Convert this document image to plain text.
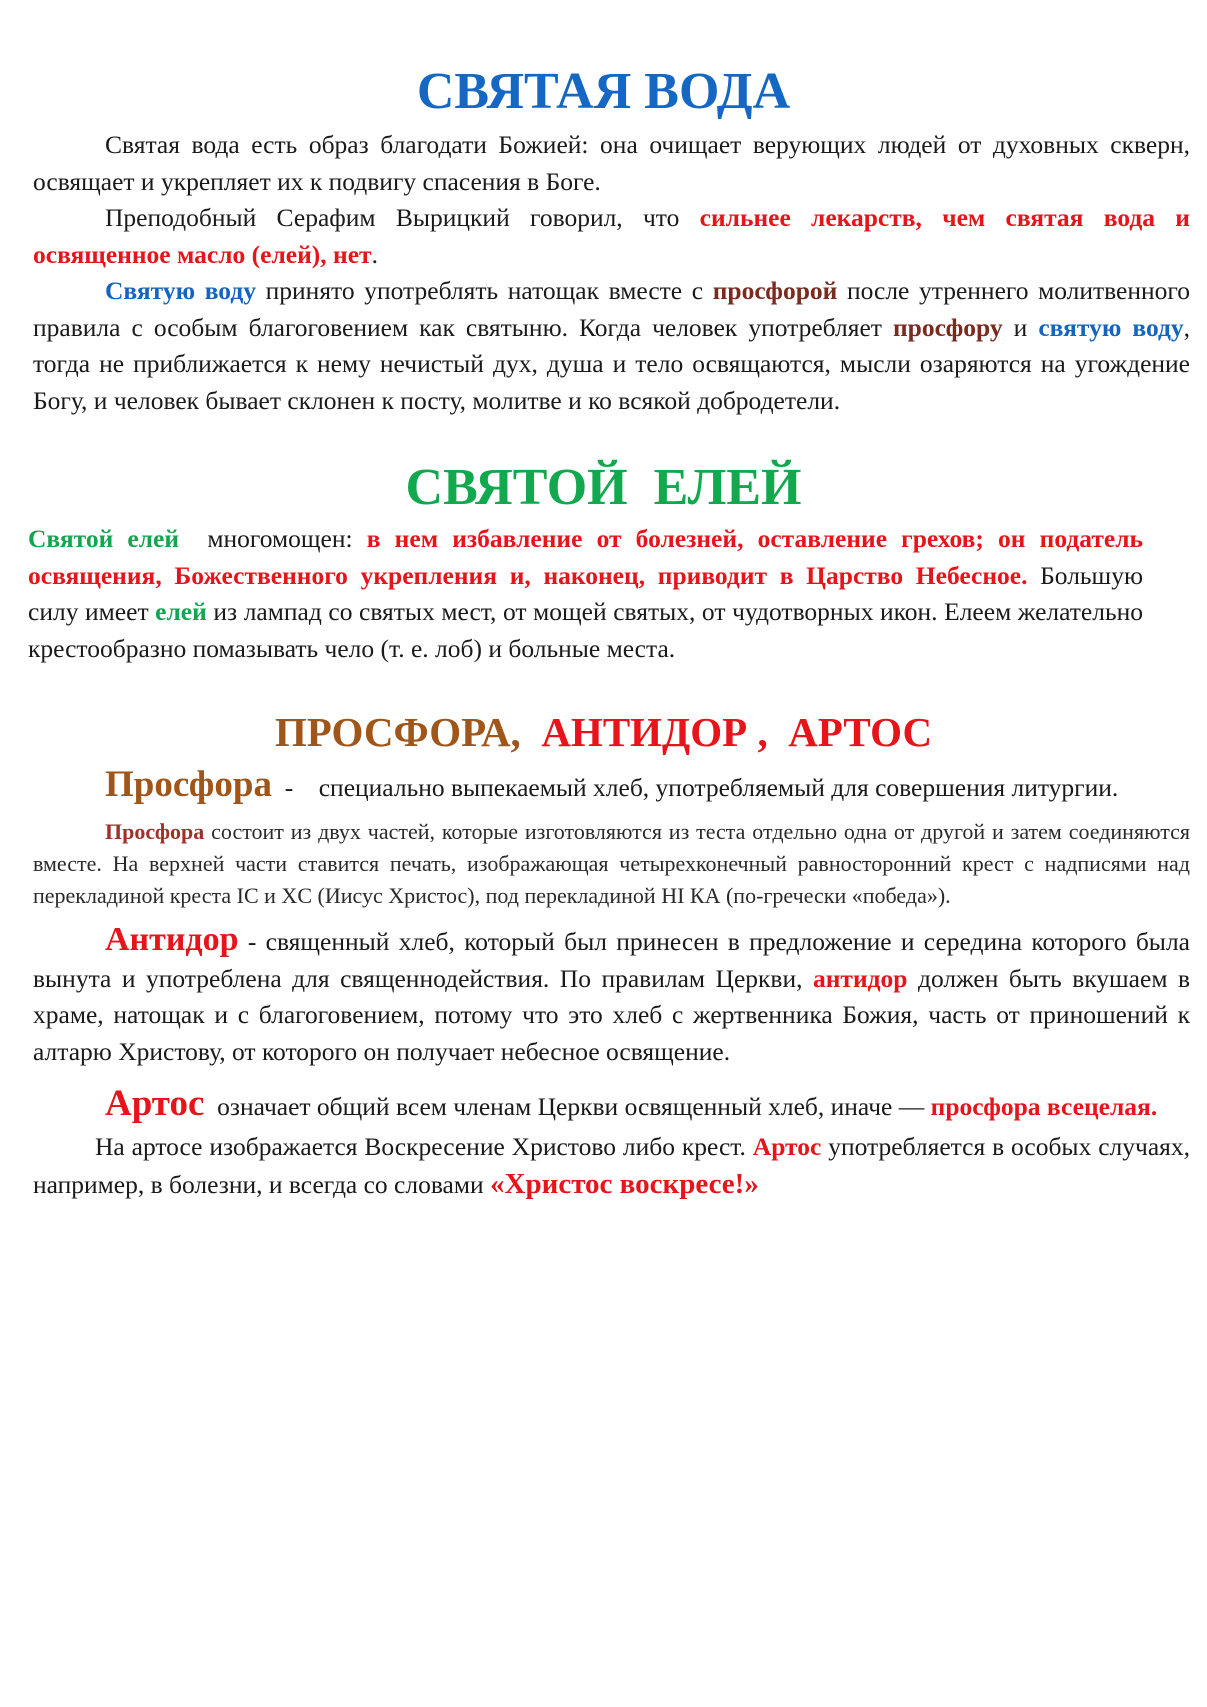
СВЯТАЯ ВОДА

Святая вода есть образ благодати Божией: она очищает верующих людей от духовных скверн, освящает и укрепляет их к подвигу спасения в Боге.

Преподобный Серафим Вырицкий говорил, что сильнее лекарств, чем святая вода и освященное масло (елей), нет.

Святую воду принято употреблять натощак вместе с просфорой после утреннего молитвенного правила с особым благоговением как святыню. Когда человек употребляет просфору и святую воду, тогда не приближается к нему нечистый дух, душа и тело освящаются, мысли озаряются на угождение Богу, и человек бывает склонен к посту, молитве и ко всякой добродетели.

СВЯТОЙ  ЕЛЕЙ

Святой елей  многомощен: в нем избавление от болезней, оставление грехов; он податель освящения, Божественного укрепления и, наконец, приводит в Царство Небесное. Большую силу имеет елей из лампад со святых мест, от мощей святых, от чудотворных икон. Елеем желательно крестообразно помазывать чело (т. е. лоб) и больные места.

ПРОСФОРА,  АНТИДОР ,  АРТОС

Просфора  -    специально выпекаемый хлеб, употребляемый для совершения литургии.

Просфора состоит из двух частей, которые изготовляются из теста отдельно одна от другой и затем соединяются вместе. На верхней части ставится печать, изображающая четырехконечный равносторонний крест с надписями над перекладиной креста IC и XC (Иисус Христос), под перекладиной НI КА (по-гречески «победа»).

Антидор - священный хлеб, который был принесен в предложение и середина которого была вынута и употреблена для священнодействия. По правилам Церкви, антидор должен быть вкушаем в храме, натощак и с благоговением, потому что это хлеб с жертвенника Божия, часть от приношений к алтарю Христову, от которого он получает небесное освящение.

Артос  означает общий всем членам Церкви освященный хлеб, иначе — просфора всецелая.

На артосе изображается Воскресение Христово либо крест. Артос употребляется в особых случаях, например, в болезни, и всегда со словами «Христос воскресе!»
